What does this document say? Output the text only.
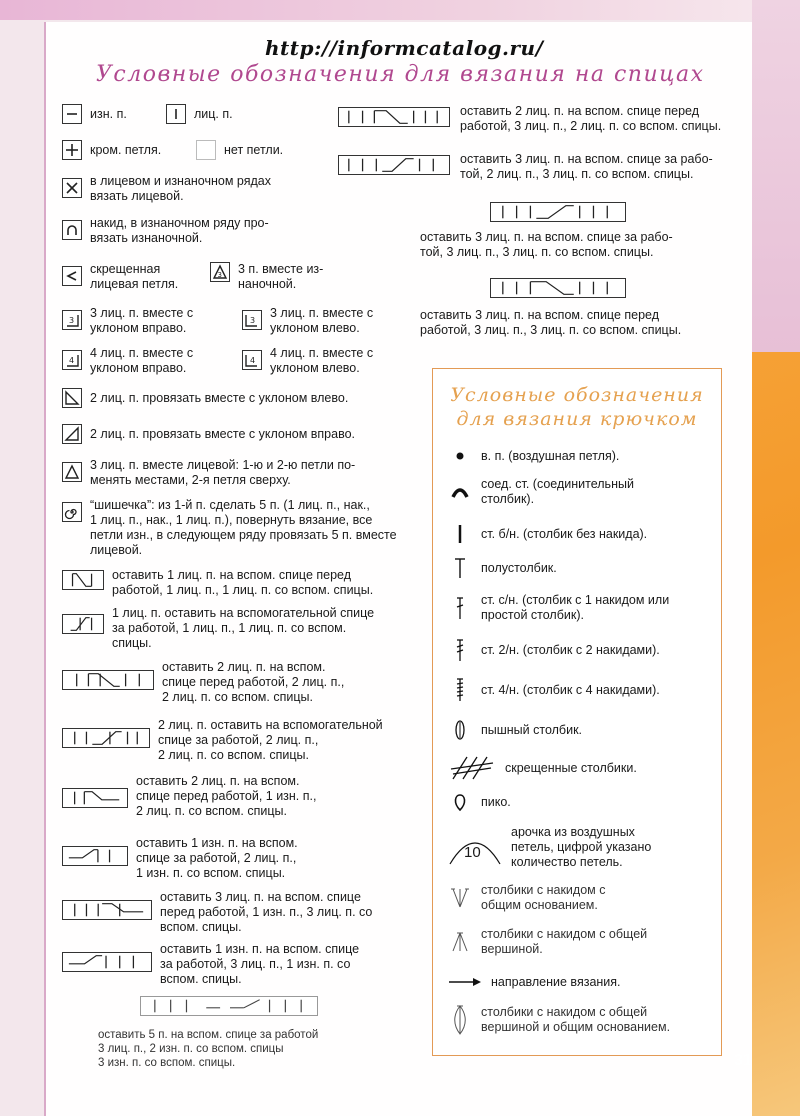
http://informcatalog.ru/
Условные обозначения для вязания на спицах
изн. п.	лиц. п.
кром. петля.	нет петли.
в лицевом и изнаночном рядах
вязать лицевой.
накид, в изнаночном ряду про-
вязать изнаночной.
скрещенная
лицевая петля.
3 3 п. вместе из-
наночной.
3
3 лиц. п. вместе с
уклоном вправо.
3
3 лиц. п. вместе с
уклоном влево.
4
4 лиц. п. вместе с
уклоном вправо.
4
4 лиц. п. вместе с
уклоном влево.
2 лиц. п. провязать вместе с уклоном влево.
2 лиц. п. провязать вместе с уклоном вправо.
3 лиц. п. вместе лицевой: 1-ю и 2-ю петли по-
менять местами, 2-я петля сверху.
“шишечка”: из 1-й п. сделать 5 п. (1 лиц. п., нак.,
1 лиц. п., нак., 1 лиц. п.), повернуть вязание, все
петли изн., в следующем ряду провязать 5 п. вместе
лицевой.
оставить 1 лиц. п. на вспом. спице перед
работой, 1 лиц. п., 1 лиц. п. со вспом. спицы.
1 лиц. п. оставить на вспомогательной спице
за работой, 1 лиц. п., 1 лиц. п. со вспом.
спицы.
оставить 2 лиц. п. на вспом.
спице перед работой, 2 лиц. п.,
2 лиц. п. со вспом. спицы.
2 лиц. п. оставить на вспомогательной
спице за работой, 2 лиц. п.,
2 лиц. п. со вспом. спицы.
оставить 2 лиц. п. на вспом.
спице перед работой, 1 изн. п.,
2 лиц. п. со вспом. спицы.
оставить 1 изн. п. на вспом.
спице за работой, 2 лиц. п.,
1 изн. п. со вспом. спицы.
оставить 3 лиц. п. на вспом. спице
перед работой, 1 изн. п., 3 лиц. п. со
вспом. спицы.
оставить 1 изн. п. на вспом. спице
за работой, 3 лиц. п., 1 изн. п. со
вспом. спицы.
оставить 5 п. на вспом. спице за работой
3 лиц. п., 2 изн. п. со вспом. спицы
3 изн. п. со вспом. спицы.
оставить 2 лиц. п. на вспом. спице перед
работой, 3 лиц. п., 2 лиц. п. со вспом. спицы.
оставить 3 лиц. п. на вспом. спице за рабо-
той, 2 лиц. п., 3 лиц. п. со вспом. спицы.
оставить 3 лиц. п. на вспом. спице за рабо-
той, 3 лиц. п., 3 лиц. п. со вспом. спицы.
оставить 3 лиц. п. на вспом. спице перед
работой, 3 лиц. п., 3 лиц. п. со вспом. спицы.
Условные обозначения
для вязания крючком
в. п. (воздушная петля).
соед. ст. (соединительный
столбик).
ст. б/н. (столбик без накида).
полустолбик.
ст. с/н. (столбик с 1 накидом или
простой столбик).
ст. 2/н. (столбик с 2 накидами).
ст. 4/н. (столбик с 4 накидами).
пышный столбик.
скрещенные столбики.
пико.
10
арочка из воздушных
петель, цифрой указано
количество петель.
столбики с накидом с
общим основанием.
столбики с накидом с общей
вершиной.
направление вязания.
столбики с накидом с общей
вершиной и общим основанием.
31
